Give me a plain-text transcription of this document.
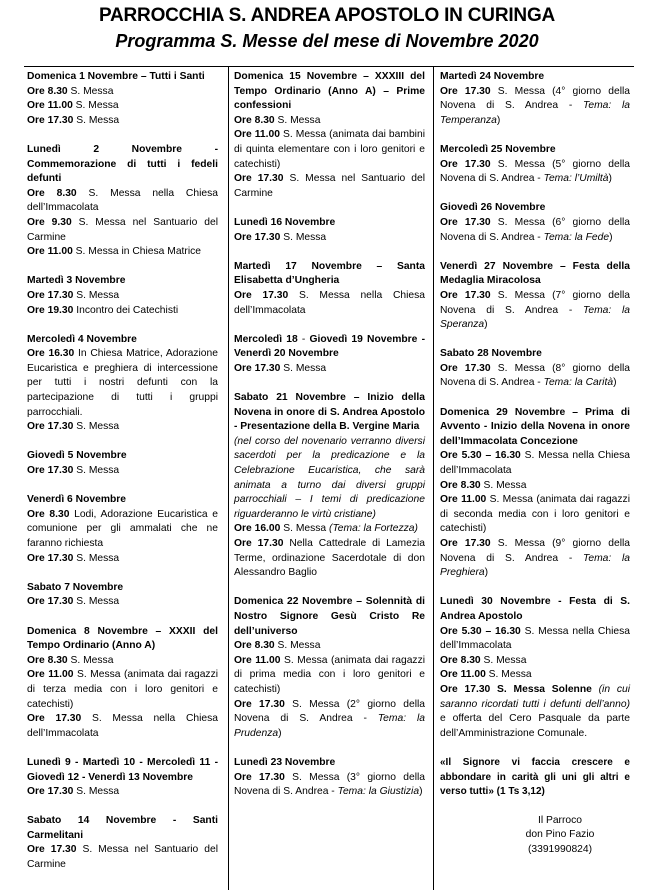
PARROCCHIA S. ANDREA APOSTOLO IN CURINGA
Programma S. Messe del mese di Novembre 2020

Domenica 1 Novembre – Tutti i Santi

Ore 8.30 S. Messa

Ore 11.00 S. Messa

Ore 17.30 S. Messa

Lunedì 2 Novembre - Commemorazione di tutti i fedeli defunti

Ore 8.30 S. Messa nella Chiesa dell’Immacolata

Ore 9.30 S. Messa nel Santuario del Carmine

Ore 11.00 S. Messa in Chiesa Matrice

Martedì 3 Novembre

Ore 17.30 S. Messa

Ore 19.30 Incontro dei Catechisti

Mercoledì 4 Novembre

Ore 16.30 In Chiesa Matrice, Adorazione Eucaristica e preghiera di intercessione per tutti i nostri defunti con la partecipazione di tutti i gruppi parrocchiali.

Ore 17.30 S. Messa

Giovedì 5 Novembre

Ore 17.30 S. Messa

Venerdì 6 Novembre

Ore 8.30 Lodi, Adorazione Eucaristica e comunione per gli ammalati che ne faranno richiesta

Ore 17.30 S. Messa

Sabato 7 Novembre

Ore 17.30 S. Messa

Domenica 8 Novembre – XXXII del Tempo Ordinario (Anno A)

Ore 8.30 S. Messa

Ore 11.00 S. Messa (animata dai ragazzi di terza media con i loro genitori e catechisti)

Ore 17.30 S. Messa nella Chiesa dell’Immacolata

Lunedì 9 - Martedì 10 - Mercoledì 11 - Giovedì 12 - Venerdì 13 Novembre

Ore 17.30 S. Messa

Sabato 14 Novembre - Santi Carmelitani

Ore 17.30 S. Messa nel Santuario del Carmine

Domenica 15 Novembre – XXXIII del Tempo Ordinario (Anno A) – Prime confessioni

Ore 8.30 S. Messa

Ore 11.00 S. Messa (animata dai bambini di quinta elementare con i loro genitori e catechisti)

Ore 17.30 S. Messa nel Santuario del Carmine

Lunedì 16 Novembre

Ore 17.30 S. Messa

Martedì 17 Novembre – Santa Elisabetta d’Ungheria

Ore 17.30 S. Messa nella Chiesa dell’Immacolata

Mercoledì 18 - Giovedì 19 Novembre - Venerdì 20 Novembre

Ore 17.30 S. Messa

Sabato 21 Novembre – Inizio della Novena in onore di S. Andrea Apostolo - Presentazione della B. Vergine Maria

(nel corso del novenario verranno diversi sacerdoti per la predicazione e la Celebrazione Eucaristica, che sarà animata a turno dai diversi gruppi parrocchiali – I temi di predicazione riguarderanno le virtù cristiane)

Ore 16.00 S. Messa (Tema: la Fortezza)

Ore 17.30 Nella Cattedrale di Lamezia Terme, ordinazione Sacerdotale di don Alessandro Baglio

Domenica 22 Novembre – Solennità di Nostro Signore Gesù Cristo Re dell’universo

Ore 8.30 S. Messa

Ore 11.00 S. Messa (animata dai ragazzi di prima media con i loro genitori e catechisti)

Ore 17.30 S. Messa (2° giorno della Novena di S. Andrea - Tema: la Prudenza)

Lunedì 23 Novembre

Ore 17.30 S. Messa (3° giorno della Novena di S. Andrea - Tema: la Giustizia)

Martedì 24 Novembre

Ore 17.30 S. Messa (4° giorno della Novena di S. Andrea - Tema: la Temperanza)

Mercoledì 25 Novembre

Ore 17.30 S. Messa (5° giorno della Novena di S. Andrea - Tema: l’Umiltà)

Giovedì 26 Novembre

Ore 17.30 S. Messa (6° giorno della Novena di S. Andrea - Tema: la Fede)

Venerdì 27 Novembre – Festa della Medaglia Miracolosa

Ore 17.30 S. Messa (7° giorno della Novena di S. Andrea - Tema: la Speranza)

Sabato 28 Novembre

Ore 17.30 S. Messa (8° giorno della Novena di S. Andrea - Tema: la Carità)

Domenica 29 Novembre – Prima di Avvento - Inizio della Novena in onore dell’Immacolata Concezione

Ore 5.30 – 16.30 S. Messa nella Chiesa dell’Immacolata

Ore 8.30 S. Messa

Ore 11.00 S. Messa (animata dai ragazzi di seconda media con i loro genitori e catechisti)

Ore 17.30 S. Messa (9° giorno della Novena di S. Andrea - Tema: la Preghiera)

Lunedì 30 Novembre - Festa di S. Andrea Apostolo

Ore 5.30 – 16.30 S. Messa nella Chiesa dell’Immacolata

Ore 8.30 S. Messa

Ore 11.00 S. Messa

Ore 17.30 S. Messa Solenne (in cui saranno ricordati tutti i defunti dell’anno) e offerta del Cero Pasquale da parte dell’Amministrazione Comunale.

«Il Signore vi faccia crescere e abbondare in carità gli uni gli altri e verso tutti» (1 Ts 3,12)

Il Parroco

don Pino Fazio

(3391990824)
